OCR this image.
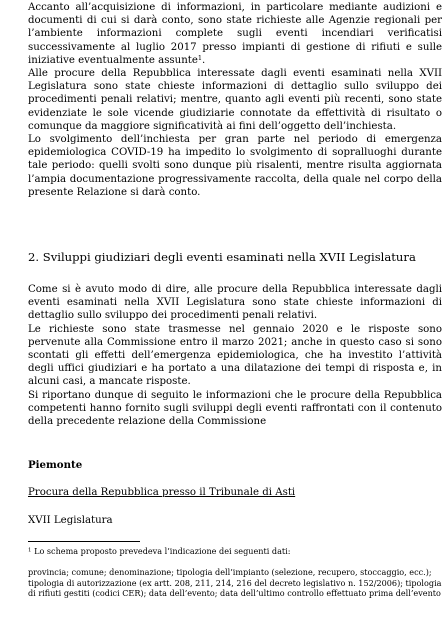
Accanto all’acquisizione di informazioni, in particolare mediante audizioni e documenti di cui si darà conto, sono state richieste alle Agenzie regionali per l’ambiente informazioni complete sugli eventi incendiari verificatisi successivamente al luglio 2017 presso impianti di gestione di rifiuti e sulle iniziative eventualmente assunte$^1$.

Alle procure della Repubblica interessate dagli eventi esaminati nella XVII Legislatura sono state chieste informazioni di dettaglio sullo sviluppo dei procedimenti penali relativi; mentre, quanto agli eventi più recenti, sono state evidenziate le sole vicende giudiziarie connotate da effettività di risultato o comunque da maggiore significatività ai fini dell’oggetto dell’inchiesta.

Lo svolgimento dell’inchiesta per gran parte nel periodo di emergenza epidemiologica COVID-19 ha impedito lo svolgimento di sopralluoghi durante tale periodo: quelli svolti sono dunque più risalenti, mentre risulta aggiornata l’ampia documentazione progressivamente raccolta, della quale nel corpo della presente Relazione si darà conto.

2. Sviluppi giudiziari degli eventi esaminati nella XVII Legislatura

Come si è avuto modo di dire, alle procure della Repubblica interessate dagli eventi esaminati nella XVII Legislatura sono state chieste informazioni di dettaglio sullo sviluppo dei procedimenti penali relativi.

Le richieste sono state trasmesse nel gennaio 2020 e le risposte sono pervenute alla Commissione entro il marzo 2021; anche in questo caso si sono scontati gli effetti dell’emergenza epidemiologica, che ha investito l’attività degli uffici giudiziari e ha portato a una dilatazione dei tempi di risposta e, in alcuni casi, a mancate risposte.

Si riportano dunque di seguito le informazioni che le procure della Repubblica competenti hanno fornito sugli sviluppi degli eventi raffrontati con il contenuto della precedente relazione della Commissione

Piemonte
Procura della Repubblica presso il Tribunale di Asti
XVII Legislatura

$^1$ Lo schema proposto prevedeva l’indicazione dei seguenti dati:

provincia; comune; denominazione; tipologia dell’impianto (selezione, recupero, stoccaggio, ecc.); tipologia di autorizzazione (ex artt. 208, 211, 214, 216 del decreto legislativo n. 152/2006); tipologia di rifiuti gestiti (codici CER); data dell’evento; data dell’ultimo controllo effettuato prima dell’evento
